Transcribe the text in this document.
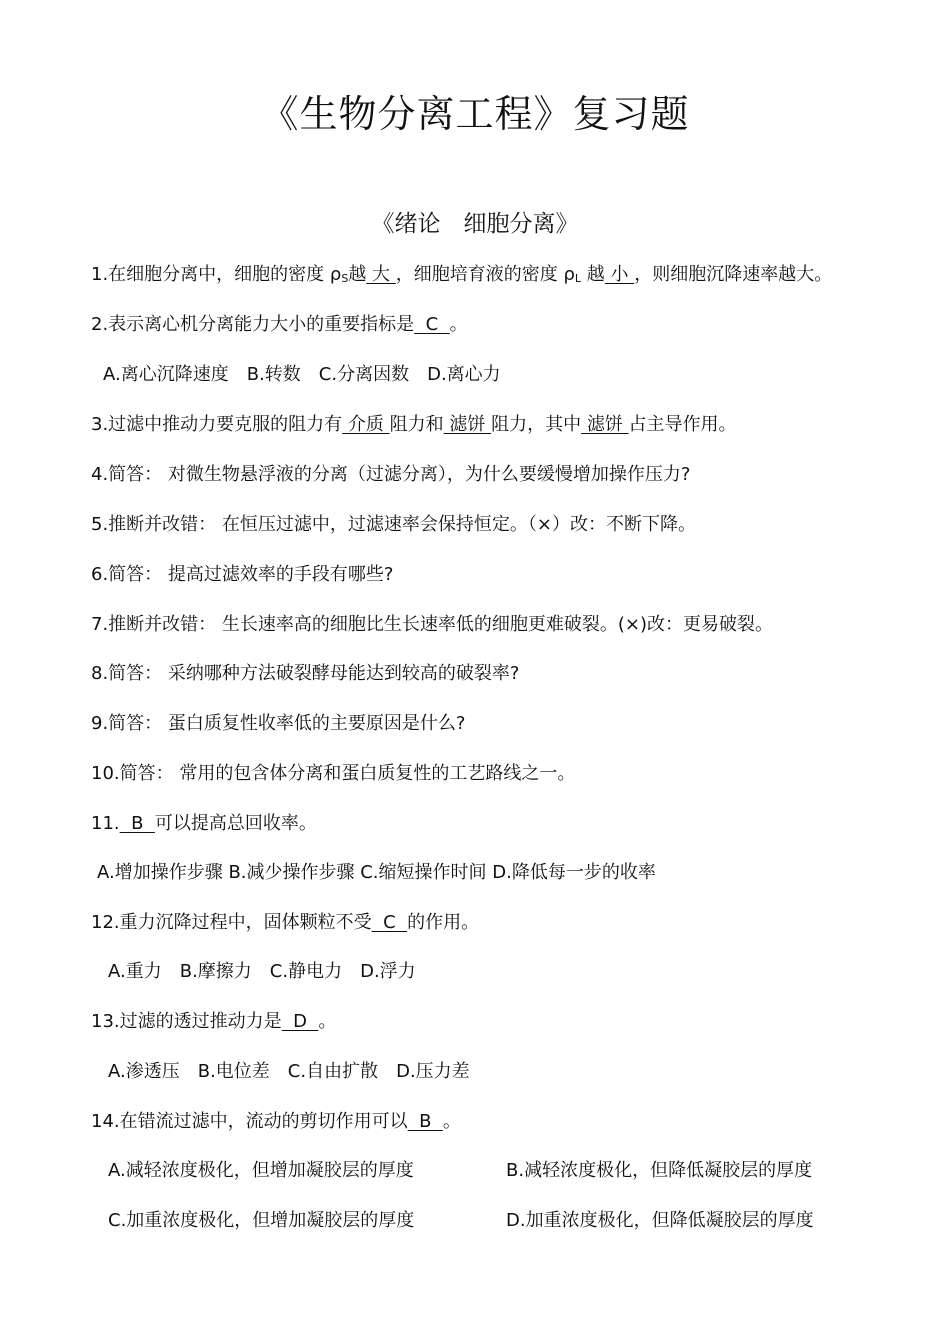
《生物分离工程》复习题
《绪论　细胞分离》
1.在细胞分离中，细胞的密度 ρS越 大 ，细胞培育液的密度 ρL 越 小 ，则细胞沉降速率越大。
2.表示离心机分离能力大小的重要指标是  C  。
A.离心沉降速度　B.转数　C.分离因数　D.离心力
3.过滤中推动力要克服的阻力有 介质 阻力和 滤饼 阻力，其中 滤饼 占主导作用。
4.简答： 对微生物悬浮液的分离（过滤分离），为什么要缓慢增加操作压力?
5.推断并改错： 在恒压过滤中，过滤速率会保持恒定。（×）改：不断下降。
6.简答： 提高过滤效率的手段有哪些?
7.推断并改错： 生长速率高的细胞比生长速率低的细胞更难破裂。(×)改：更易破裂。
8.简答： 采纳哪种方法破裂酵母能达到较高的破裂率?
9.简答： 蛋白质复性收率低的主要原因是什么?
10.简答： 常用的包含体分离和蛋白质复性的工艺路线之一。
11.  B  可以提高总回收率。
A.增加操作步骤 B.减少操作步骤 C.缩短操作时间 D.降低每一步的收率
12.重力沉降过程中，固体颗粒不受  C  的作用。
A.重力　B.摩擦力　C.静电力　D.浮力
13.过滤的透过推动力是  D  。
A.渗透压　B.电位差　C.自由扩散　D.压力差
14.在错流过滤中，流动的剪切作用可以  B  。
A.减轻浓度极化，但增加凝胶层的厚度	B.减轻浓度极化，但降低凝胶层的厚度
C.加重浓度极化，但增加凝胶层的厚度	D.加重浓度极化，但降低凝胶层的厚度
